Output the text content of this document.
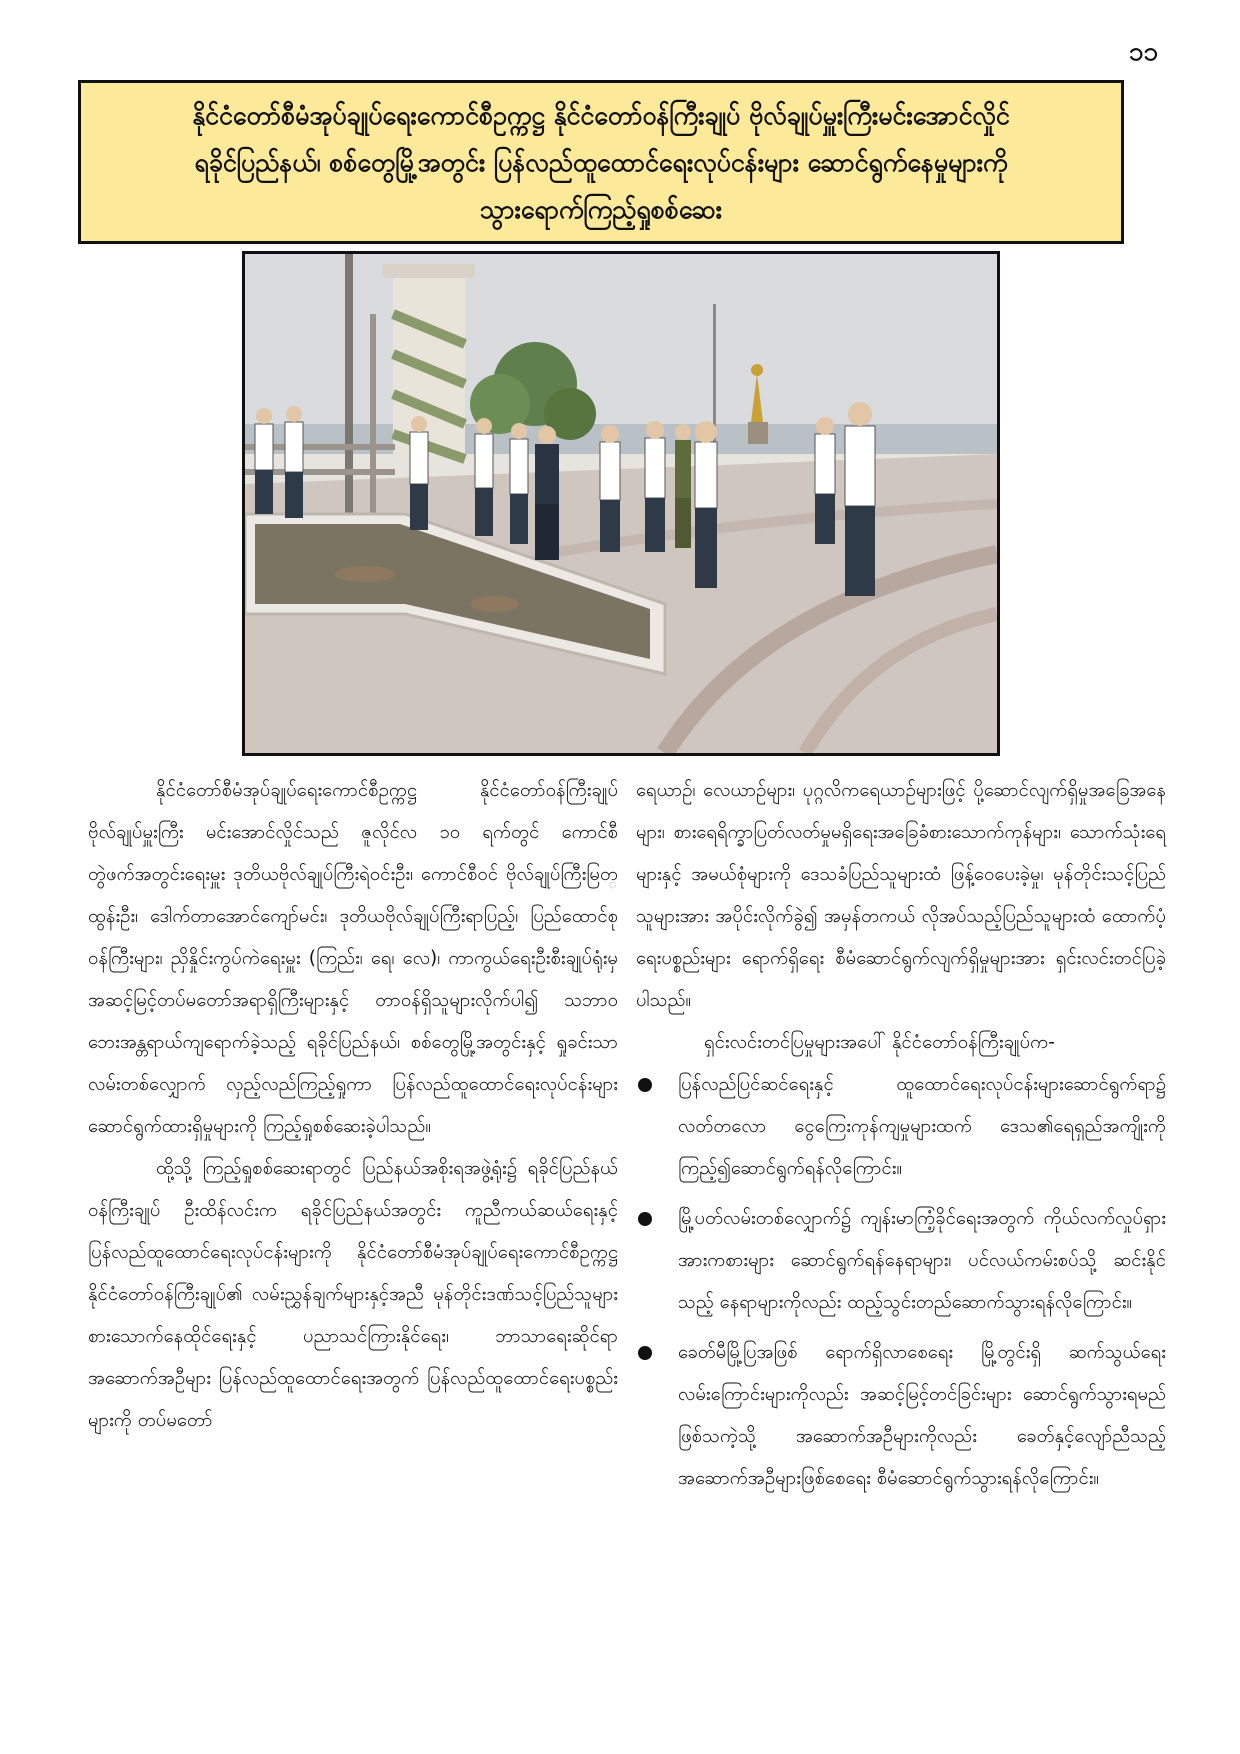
၁၁
နိုင်ငံတော်စီမံအုပ်ချုပ်ရေးကောင်စီဥက္ကဋ္ဌ နိုင်ငံတော်ဝန်ကြီးချုပ် ဗိုလ်ချုပ်မှူးကြီးမင်းအောင်လှိုင်
ရခိုင်ပြည်နယ်၊ စစ်တွေမြို့အတွင်း ပြန်လည်ထူထောင်ရေးလုပ်ငန်းများ ဆောင်ရွက်နေမှုများကို
သွားရောက်ကြည့်ရှုစစ်ဆေး

နိုင်ငံတော်စီမံအုပ်ချုပ်ရေးကောင်စီဥက္ကဋ္ဌ နိုင်ငံတော်ဝန်ကြီးချုပ် ဗိုလ်ချုပ်မှူးကြီး မင်းအောင်လှိုင်သည် ဇူလိုင်လ ၁၀ ရက်တွင် ကောင်စီတွဲဖက်အတွင်းရေးမှူး ဒုတိယဗိုလ်ချုပ်ကြီးရဲဝင်းဦး၊ ကောင်စီဝင် ဗိုလ်ချုပ်ကြီးမြတ္ထွန်းဦး၊ ဒေါက်တာအောင်ကျော်မင်း၊ ဒုတိယဗိုလ်ချုပ်ကြီးရာပြည့်၊ ပြည်ထောင်စုဝန်ကြီးများ၊ ညှိနှိုင်းကွပ်ကဲရေးမှူး (ကြည်း၊ ရေ၊ လေ)၊ ကာကွယ်ရေးဦးစီးချုပ်ရုံးမှ အဆင့်မြင့်တပ်မတော်အရာရှိကြီးများနှင့် တာဝန်ရှိသူများလိုက်ပါ၍ သဘာဝဘေးအန္တရာယ်ကျရောက်ခဲ့သည့် ရခိုင်ပြည်နယ်၊ စစ်တွေမြို့အတွင်းနှင့် ရှုခင်းသာလမ်းတစ်လျှောက် လှည့်လည်ကြည့်ရှုကာ ပြန်လည်ထူထောင်ရေးလုပ်ငန်းများ ဆောင်ရွက်ထားရှိမှုများကို ကြည့်ရှုစစ်ဆေးခဲ့ပါသည်။

ထို့သို့ ကြည့်ရှုစစ်ဆေးရာတွင် ပြည်နယ်အစိုးရအဖွဲ့ရုံး၌ ရခိုင်ပြည်နယ်ဝန်ကြီးချုပ် ဦးထိန်လင်းက ရခိုင်ပြည်နယ်အတွင်း ကူညီကယ်ဆယ်ရေးနှင့် ပြန်လည်ထူထောင်ရေးလုပ်ငန်းများကို နိုင်ငံတော်စီမံအုပ်ချုပ်ရေးကောင်စီဥက္ကဋ္ဌ နိုင်ငံတော်ဝန်ကြီးချုပ်၏ လမ်းညွှန်ချက်များနှင့်အညီ မုန်တိုင်းဒဏ်သင့်ပြည်သူများ စားသောက်နေထိုင်ရေးနှင့် ပညာသင်ကြားနိုင်ရေး၊ ဘာသာရေးဆိုင်ရာ အဆောက်အဦများ ပြန်လည်ထူထောင်ရေးအတွက် ပြန်လည်ထူထောင်ရေးပစ္စည်းများကို တပ်မတော်

ရေယာဉ်၊ လေယာဉ်များ၊ ပုဂ္ဂလိကရေယာဉ်များဖြင့် ပို့ဆောင်လျက်ရှိမှုအခြေအနေများ၊ စားရေရိက္ခာပြတ်လတ်မှုမရှိရေးအခြေခံစားသောက်ကုန်များ၊ သောက်သုံးရေများနှင့် အမယ်စုံများကို ဒေသခံပြည်သူများထံ ဖြန့်ဝေပေးခဲ့မှု၊ မုန်တိုင်းသင့်ပြည်သူများအား အပိုင်းလိုက်ခွဲ၍ အမှန်တကယ် လိုအပ်သည့်ပြည်သူများထံ ထောက်ပံ့ရေးပစ္စည်းများ ရောက်ရှိရေး စီမံဆောင်ရွက်လျက်ရှိမှုများအား ရှင်းလင်းတင်ပြခဲ့ပါသည်။

ရှင်းလင်းတင်ပြမှုများအပေါ် နိုင်ငံတော်ဝန်ကြီးချုပ်က-

ပြန်လည်ပြင်ဆင်ရေးနှင့် ထူထောင်ရေးလုပ်ငန်းများဆောင်ရွက်ရာ၌ လတ်တလော ငွေကြေးကုန်ကျမှုများထက် ဒေသ၏ရေရှည်အကျိုးကိုကြည့်၍ဆောင်ရွက်ရန်လိုကြောင်း။
မြို့ပတ်လမ်းတစ်လျှောက်၌ ကျန်းမာကြံ့ခိုင်ရေးအတွက် ကိုယ်လက်လှုပ်ရှား အားကစားများ ဆောင်ရွက်ရန်နေရာများ၊ ပင်လယ်ကမ်းစပ်သို့ ဆင်းနိုင်သည့် နေရာများကိုလည်း ထည့်သွင်းတည်ဆောက်သွားရန်လိုကြောင်း။
ခေတ်မီမြို့ပြအဖြစ် ရောက်ရှိလာစေရေး မြို့တွင်းရှိ ဆက်သွယ်ရေးလမ်းကြောင်းများကိုလည်း အဆင့်မြင့်တင်ခြင်းများ ဆောင်ရွက်သွားရမည်ဖြစ်သကဲ့သို့ အဆောက်အဦများကိုလည်း ခေတ်နှင့်လျော်ညီသည့် အဆောက်အဦများဖြစ်စေရေး စီမံဆောင်ရွက်သွားရန်လိုကြောင်း။
